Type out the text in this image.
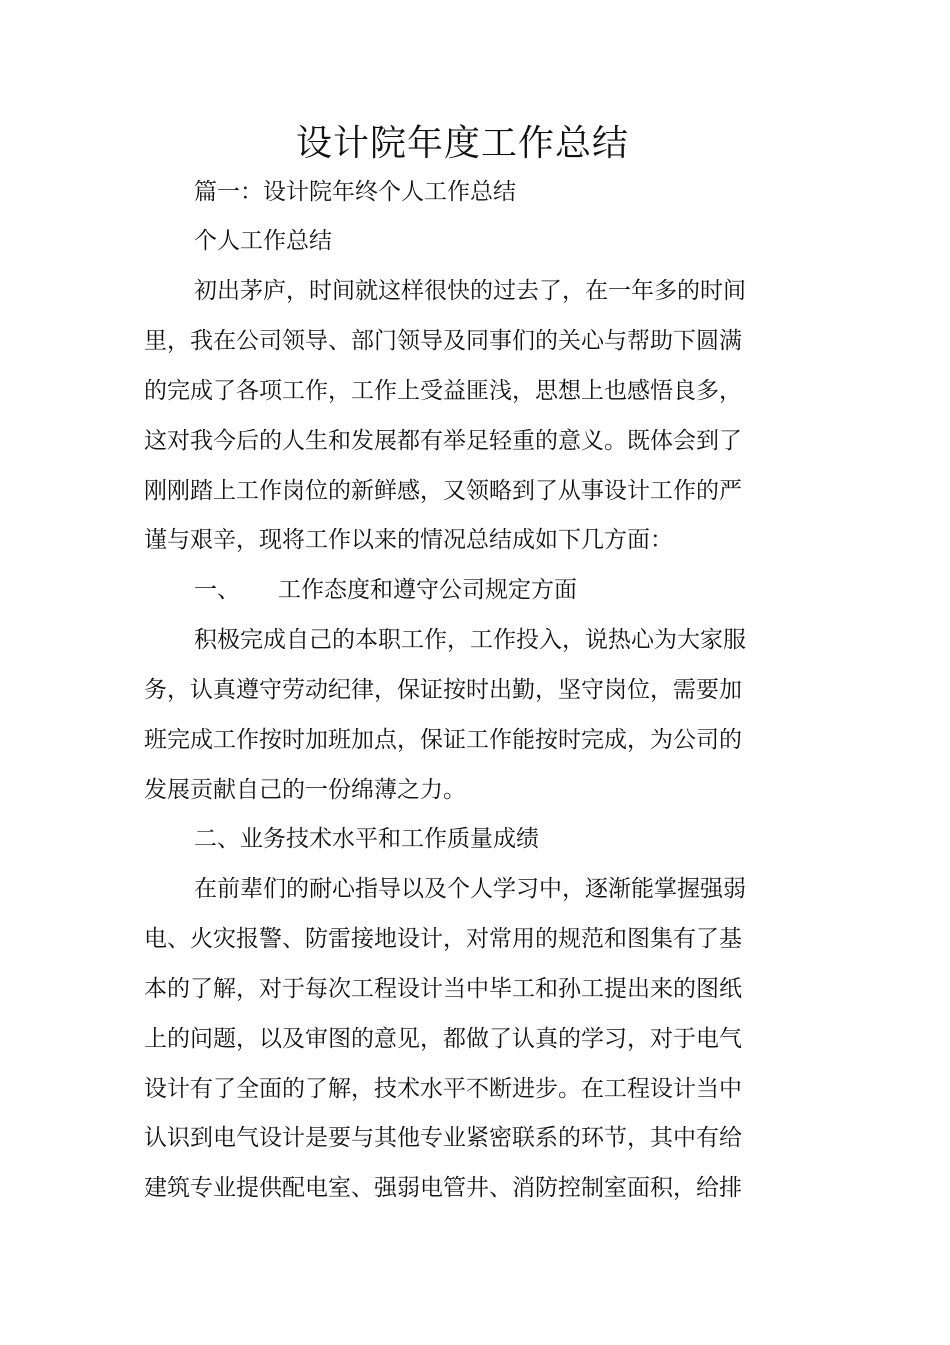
设计院年度工作总结

篇一：设计院年终个人工作总结

个人工作总结

初出茅庐，时间就这样很快的过去了，在一年多的时间

里，我在公司领导、部门领导及同事们的关心与帮助下圆满

的完成了各项工作，工作上受益匪浅，思想上也感悟良多，

这对我今后的人生和发展都有举足轻重的意义。既体会到了

刚刚踏上工作岗位的新鲜感，又领略到了从事设计工作的严

谨与艰辛，现将工作以来的情况总结成如下几方面：

一、 工作态度和遵守公司规定方面

积极完成自己的本职工作，工作投入，说热心为大家服

务，认真遵守劳动纪律，保证按时出勤，坚守岗位，需要加

班完成工作按时加班加点，保证工作能按时完成，为公司的

发展贡献自己的一份绵薄之力。

二、业务技术水平和工作质量成绩

在前辈们的耐心指导以及个人学习中，逐渐能掌握强弱

电、火灾报警、防雷接地设计，对常用的规范和图集有了基

本的了解，对于每次工程设计当中毕工和孙工提出来的图纸

上的问题，以及审图的意见，都做了认真的学习，对于电气

设计有了全面的了解，技术水平不断进步。在工程设计当中

认识到电气设计是要与其他专业紧密联系的环节，其中有给

建筑专业提供配电室、强弱电管井、消防控制室面积，给排
